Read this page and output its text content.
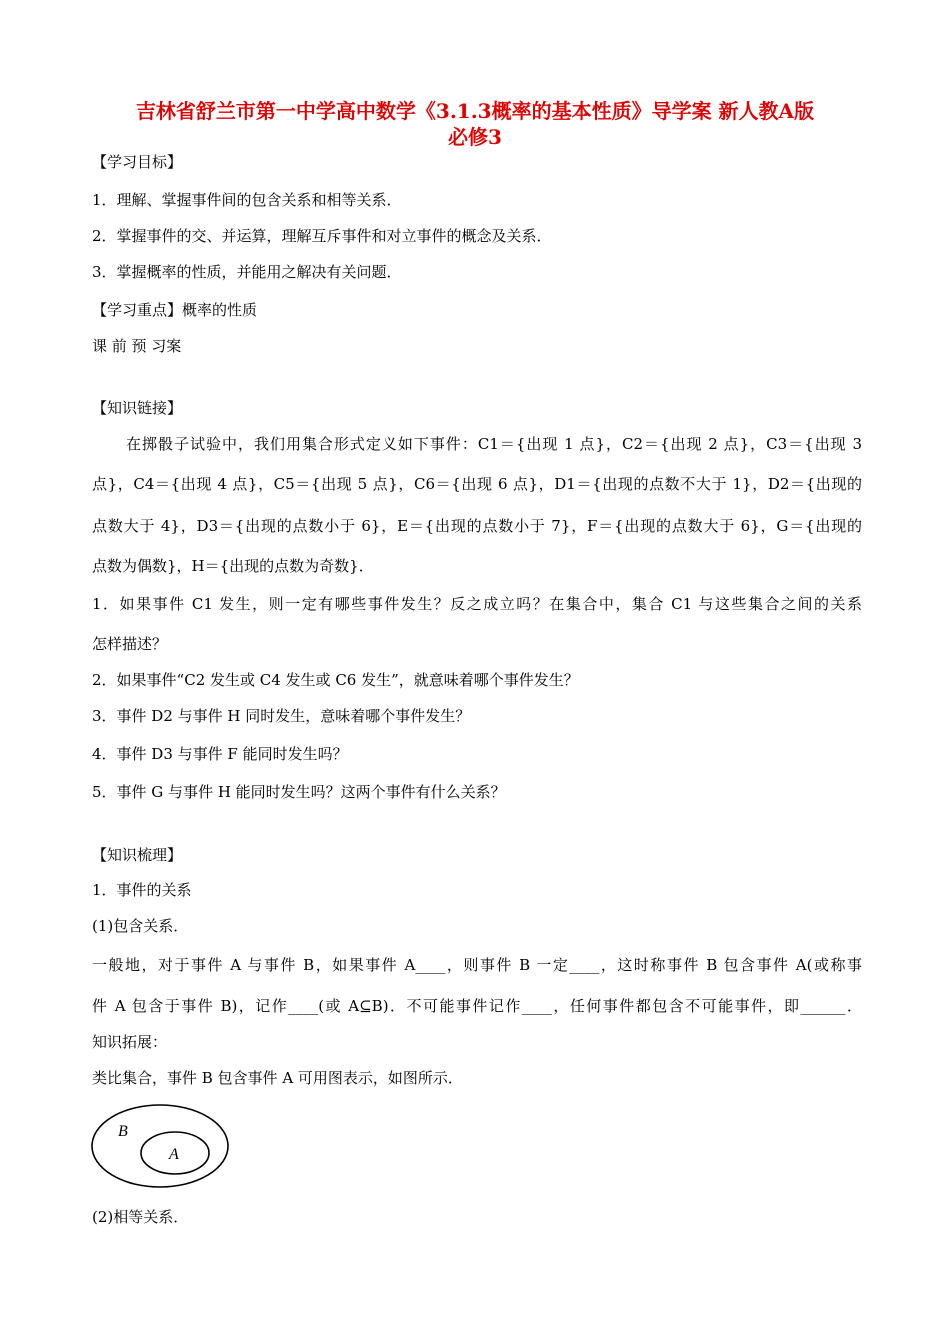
吉林省舒兰市第一中学高中数学《3.1.3概率的基本性质》导学案 新人教A版
必修3
【学习目标】
1．理解、掌握事件间的包含关系和相等关系．
2．掌握事件的交、并运算，理解互斥事件和对立事件的概念及关系．
3．掌握概率的性质，并能用之解决有关问题．
【学习重点】概率的性质
课 前 预 习案
【知识链接】
在掷骰子试验中，我们用集合形式定义如下事件：C1＝{出现 1 点}，C2＝{出现 2 点}，C3＝{出现 3
点}，C4＝{出现 4 点}，C5＝{出现 5 点}，C6＝{出现 6 点}，D1＝{出现的点数不大于 1}，D2＝{出现的
点数大于 4}，D3＝{出现的点数小于 6}，E＝{出现的点数小于 7}，F＝{出现的点数大于 6}，G＝{出现的
点数为偶数}，H＝{出现的点数为奇数}．
1．如果事件 C1 发生，则一定有哪些事件发生？反之成立吗？在集合中，集合 C1 与这些集合之间的关系
怎样描述？
2．如果事件“C2 发生或 C4 发生或 C6 发生”，就意味着哪个事件发生？
3．事件 D2 与事件 H 同时发生，意味着哪个事件发生？
4．事件 D3 与事件 F 能同时发生吗？
5．事件 G 与事件 H 能同时发生吗？这两个事件有什么关系？
【知识梳理】
1．事件的关系
(1)包含关系．
一般地，对于事件 A 与事件 B，如果事件 A____，则事件 B 一定____，这时称事件 B 包含事件 A(或称事
件 A 包含于事件 B)，记作____(或 A⊆B)．不可能事件记作____，任何事件都包含不可能事件，即______．
知识拓展：
类比集合，事件 B 包含事件 A 可用图表示，如图所示．
B
A
(2)相等关系．
